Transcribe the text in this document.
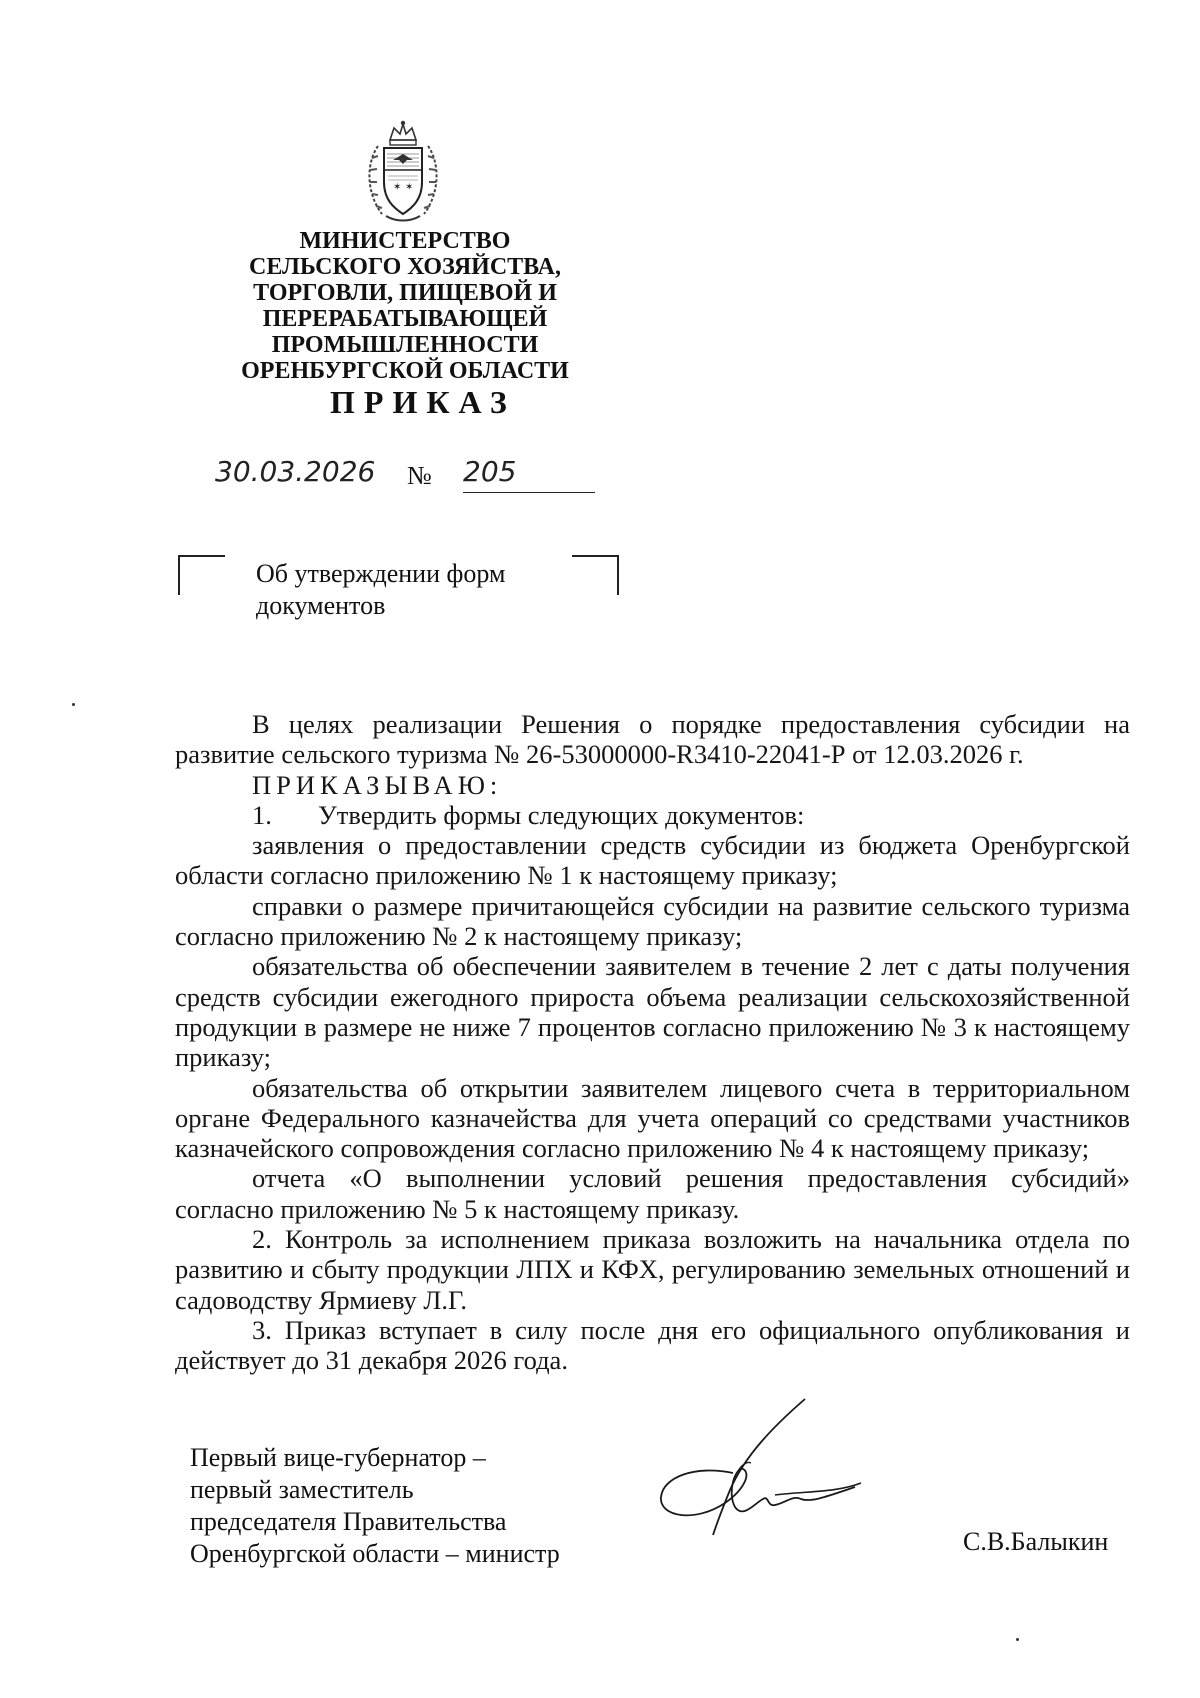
✶ ✶
МИНИСТЕРСТВО
СЕЛЬСКОГО ХОЗЯЙСТВА,
ТОРГОВЛИ, ПИЩЕВОЙ И
ПЕРЕРАБАТЫВАЮЩЕЙ
ПРОМЫШЛЕННОСТИ
ОРЕНБУРГСКОЙ ОБЛАСТИ
ПРИКАЗ
30.03.2026 № 205
Об утверждении форм документов

В целях реализации Решения о порядке предоставления субсидии на развитие сельского туризма № 26-53000000-R3410-22041-Р от 12.03.2026 г.

ПРИКАЗЫВАЮ:

1. Утвердить формы следующих документов:

заявления о предоставлении средств субсидии из бюджета Оренбургской области согласно приложению № 1 к настоящему приказу;

справки о размере причитающейся субсидии на развитие сельского туризма согласно приложению № 2 к настоящему приказу;

обязательства об обеспечении заявителем в течение 2 лет с даты получения средств субсидии ежегодного прироста объема реализации сельскохозяйственной продукции в размере не ниже 7 процентов согласно приложению № 3 к настоящему приказу;

обязательства об открытии заявителем лицевого счета в территориальном органе Федерального казначейства для учета операций со средствами участников казначейского сопровождения согласно приложению № 4 к настоящему приказу;

отчета «О выполнении условий решения предоставления субсидий» согласно приложению № 5 к настоящему приказу.

2. Контроль за исполнением приказа возложить на начальника отдела по развитию и сбыту продукции ЛПХ и КФХ, регулированию земельных отношений и садоводству Ярмиеву Л.Г.

3. Приказ вступает в силу после дня его официального опубликования и действует до 31 декабря 2026 года.

Первый вице-губернатор –
первый заместитель
председателя Правительства
Оренбургской области – министр	С.В.Балыкин
